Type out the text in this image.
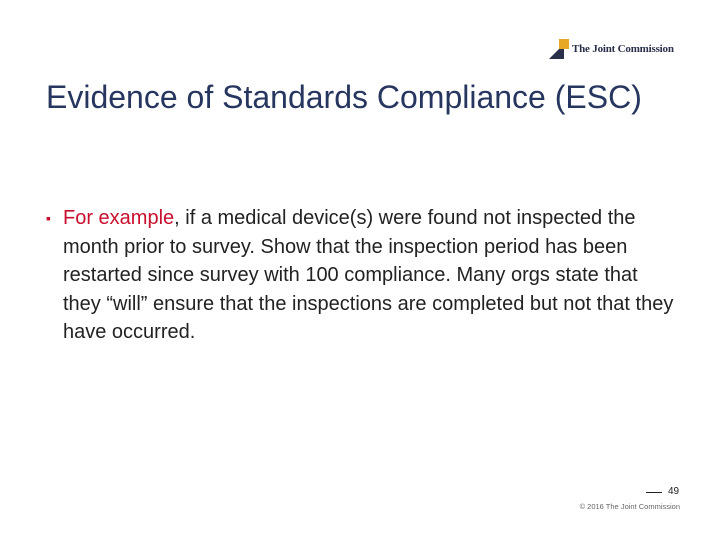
The Joint Commission
Evidence of Standards Compliance (ESC)
▪ For example, if a medical device(s) were found not inspected the month prior to survey. Show that the inspection period has been restarted since survey with 100 compliance. Many orgs state that they “will” ensure that the inspections are completed but not that they have occurred.
49
© 2016 The Joint Commission
